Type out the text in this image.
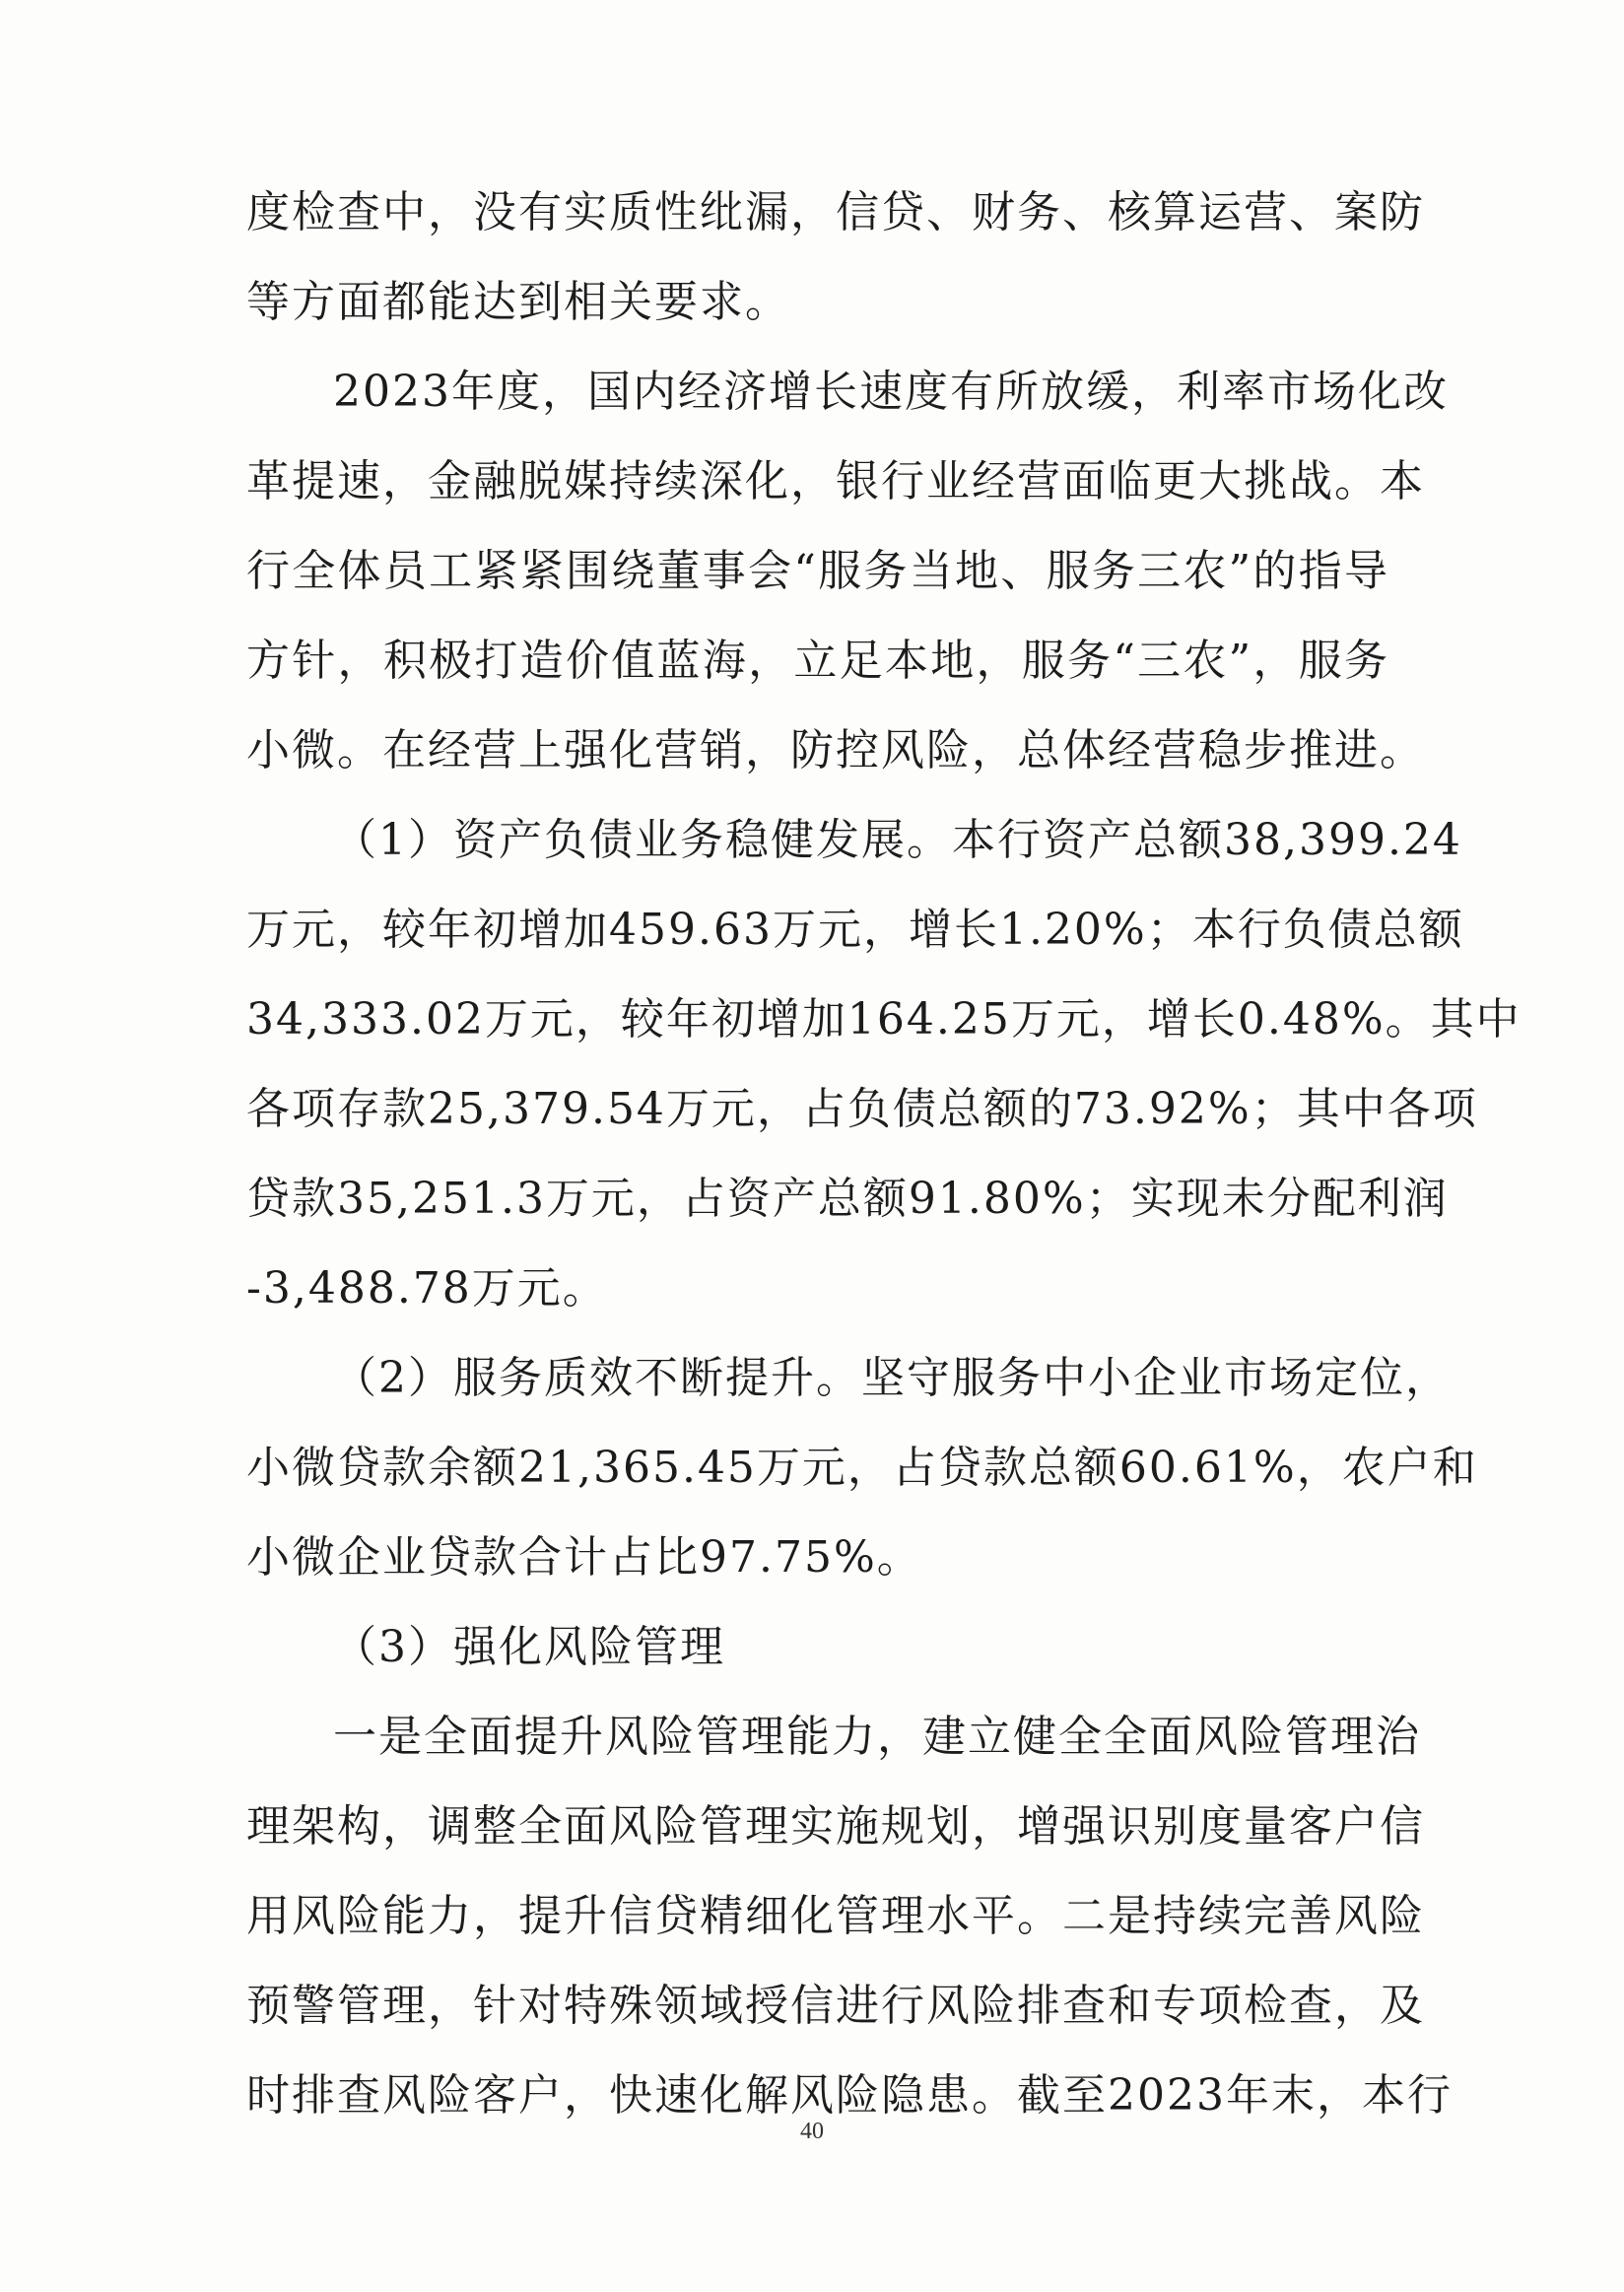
度检查中，没有实质性纰漏，信贷、财务、核算运营、案防
等方面都能达到相关要求。
2023年度，国内经济增长速度有所放缓，利率市场化改
革提速，金融脱媒持续深化，银行业经营面临更大挑战。本
行全体员工紧紧围绕董事会“服务当地、服务三农”的指导
方针，积极打造价值蓝海，立足本地，服务“三农”，服务
小微。在经营上强化营销，防控风险，总体经营稳步推进。
（1）资产负债业务稳健发展。本行资产总额38,399.24
万元，较年初增加459.63万元，增长1.20%；本行负债总额
34,333.02万元，较年初增加164.25万元，增长0.48%。其中
各项存款25,379.54万元，占负债总额的73.92%；其中各项
贷款35,251.3万元，占资产总额91.80%；实现未分配利润
-3,488.78万元。
（2）服务质效不断提升。坚守服务中小企业市场定位，
小微贷款余额21,365.45万元，占贷款总额60.61%，农户和
小微企业贷款合计占比97.75%。
（3）强化风险管理
一是全面提升风险管理能力，建立健全全面风险管理治
理架构，调整全面风险管理实施规划，增强识别度量客户信
用风险能力，提升信贷精细化管理水平。二是持续完善风险
预警管理，针对特殊领域授信进行风险排查和专项检查，及
时排查风险客户，快速化解风险隐患。截至2023年末，本行
40
